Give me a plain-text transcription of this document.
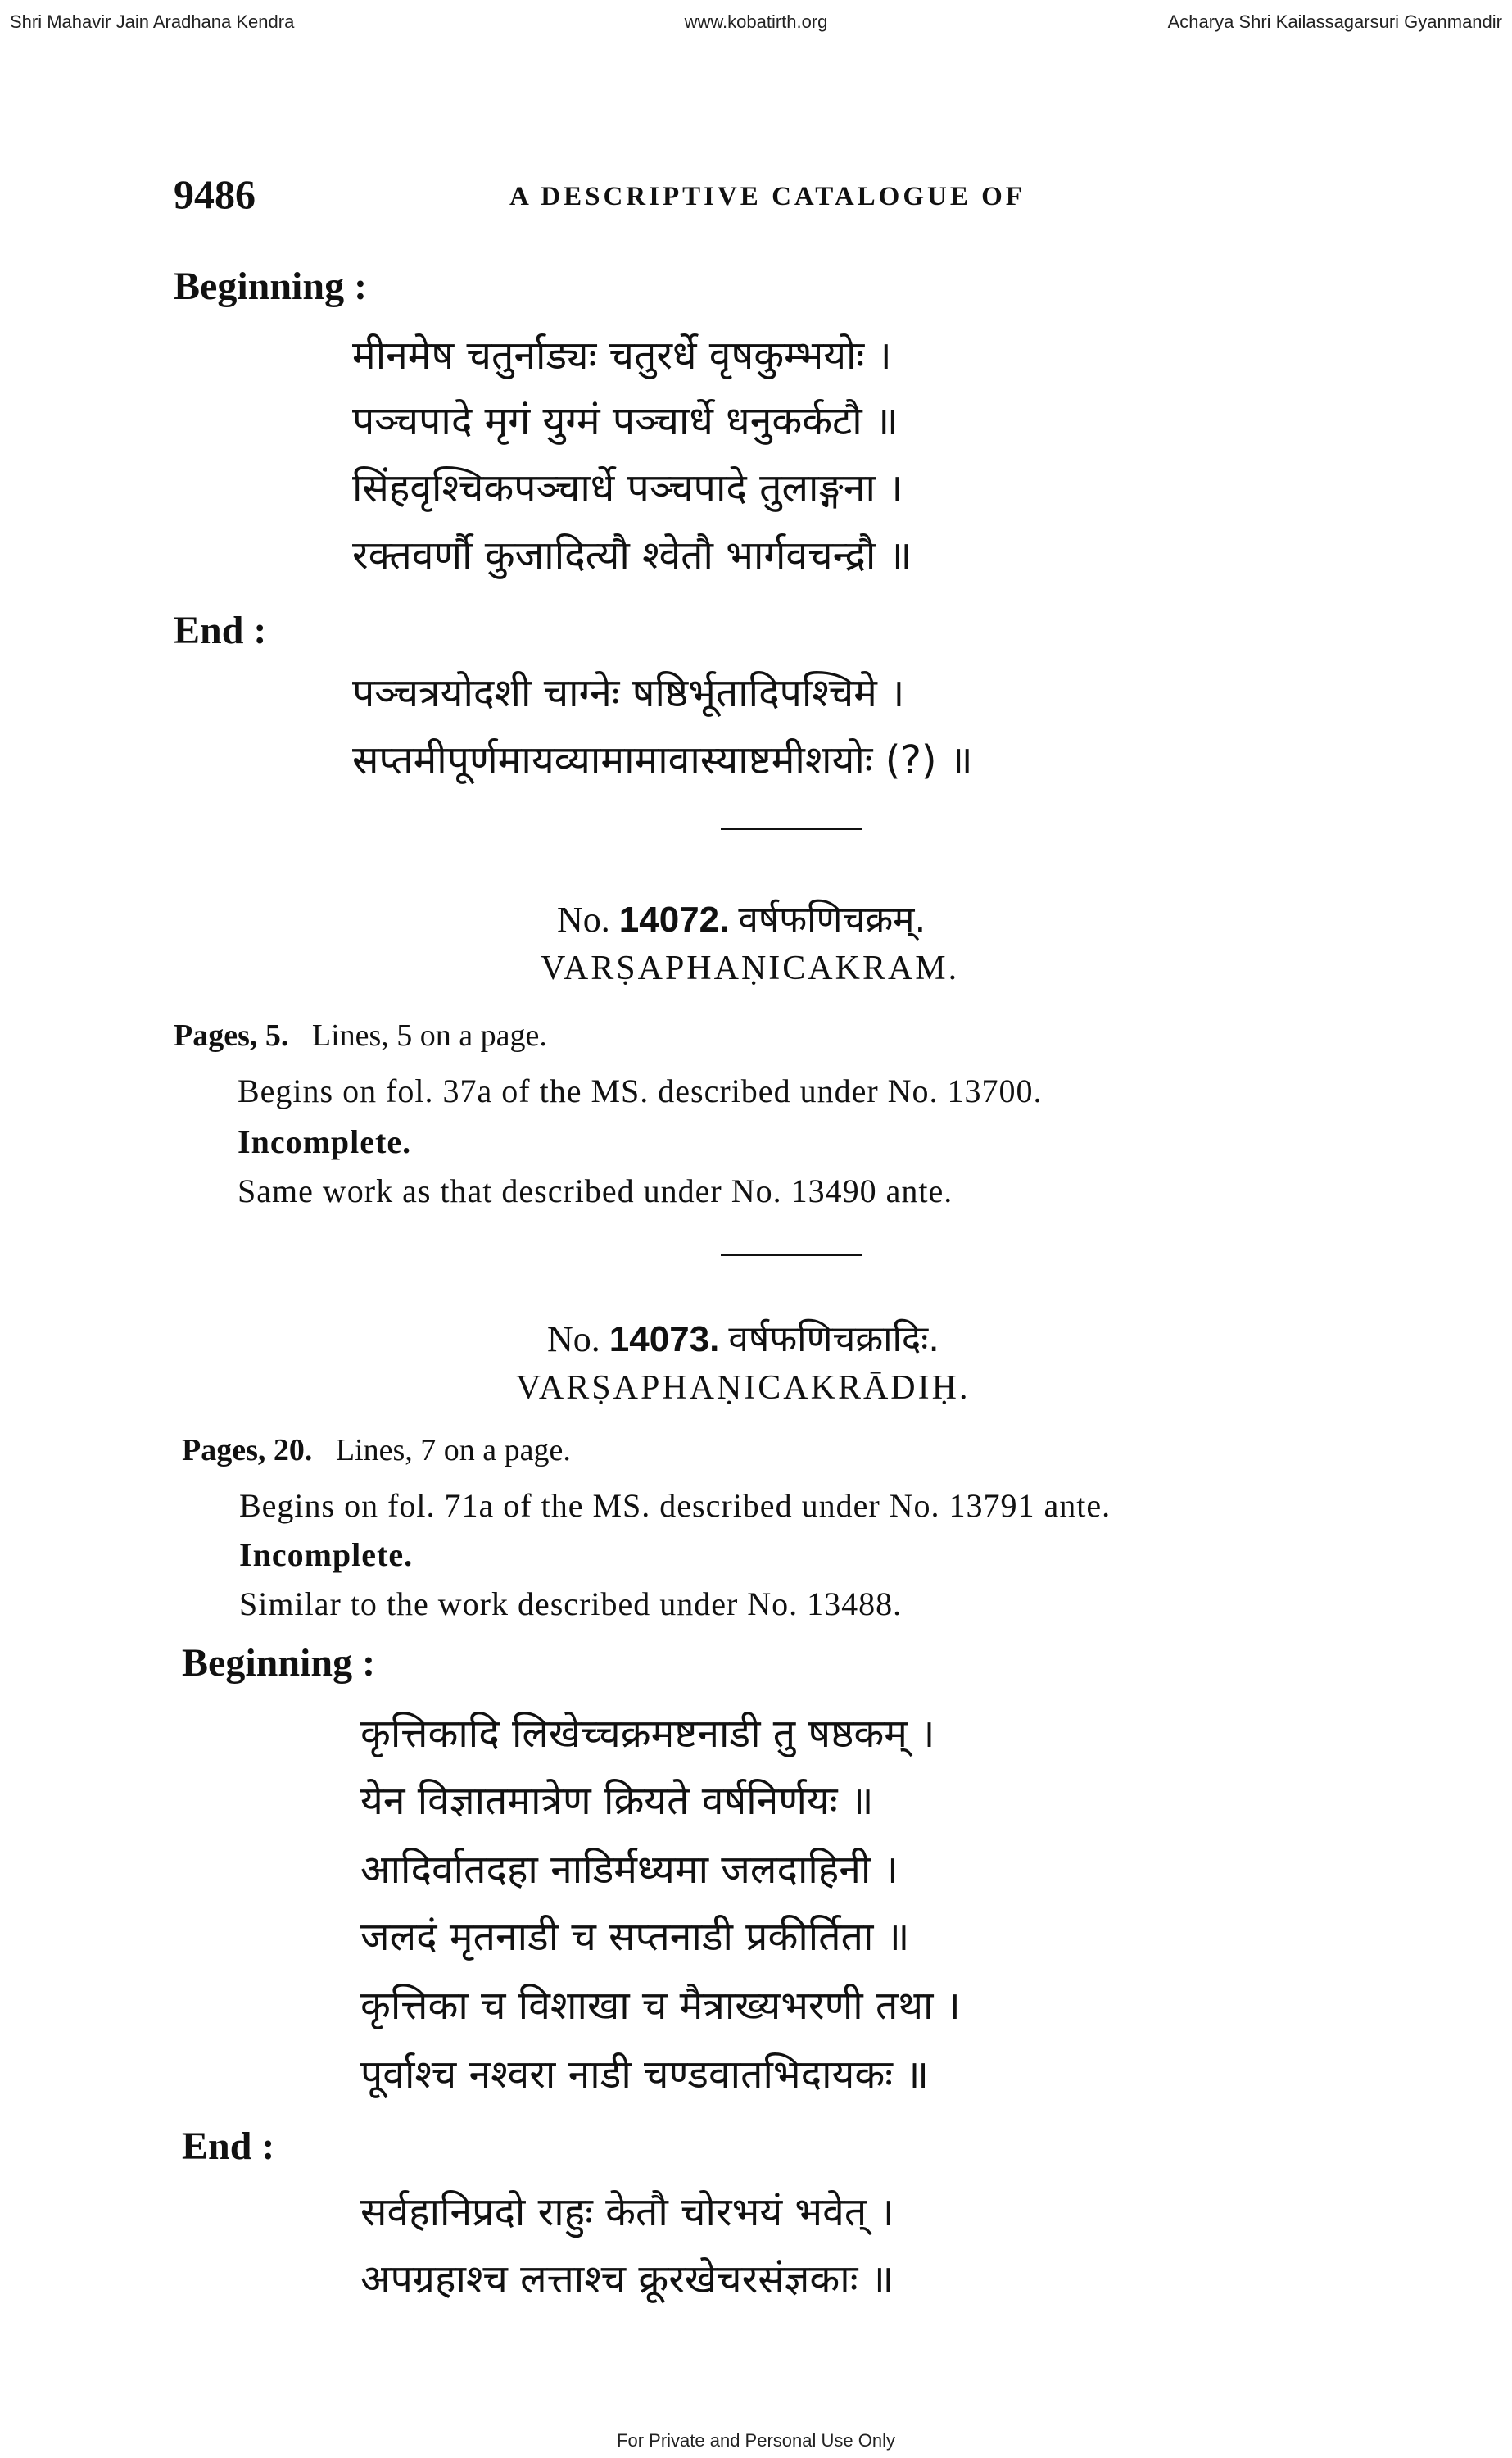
Shri Mahavir Jain Aradhana Kendra	www.kobatirth.org	Acharya Shri Kailassagarsuri Gyanmandir
9486	A DESCRIPTIVE CATALOGUE OF
Beginning :
मीनमेष चतुर्नाड्यः चतुरर्धे वृषकुम्भयोः ।
पञ्चपादे मृगं युग्मं पञ्चार्धे धनुकर्कटौ ॥
सिंहवृश्चिकपञ्चार्धे पञ्चपादे तुलाङ्गना ।
रक्तवर्णौ कुजादित्यौ श्वेतौ भार्गवचन्द्रौ ॥
End :
पञ्चत्रयोदशी चाग्नेः षष्ठिर्भूतादिपश्चिमे ।
सप्तमीपूर्णमायव्यामामावास्याष्टमीशयोः (?) ॥
No. 14072. वर्षफणिचक्रम्.
VARṢAPHAṆICAKRAM.
Pages, 5. Lines, 5 on a page.
Begins on fol. 37a of the MS. described under No. 13700.
Incomplete.
Same work as that described under No. 13490 ante.
No. 14073. वर्षफणिचक्रादिः.
VARṢAPHAṆICAKRĀDIḤ.
Pages, 20. Lines, 7 on a page.
Begins on fol. 71a of the MS. described under No. 13791 ante.
Incomplete.
Similar to the work described under No. 13488.
Beginning :
कृत्तिकादि लिखेच्चक्रमष्टनाडी तु षष्ठकम् ।
येन विज्ञातमात्रेण क्रियते वर्षनिर्णयः ॥
आदिर्वातदहा नाडिर्मध्यमा जलदाहिनी ।
जलदं मृतनाडी च सप्तनाडी प्रकीर्तिता ॥
कृत्तिका च विशाखा च मैत्राख्यभरणी तथा ।
पूर्वाश्च नश्वरा नाडी चण्डवातभिदायकः ॥
End :
सर्वहानिप्रदो राहुः केतौ चोरभयं भवेत् ।
अपग्रहाश्च लत्ताश्च क्रूरखेचरसंज्ञकाः ॥
For Private and Personal Use Only
